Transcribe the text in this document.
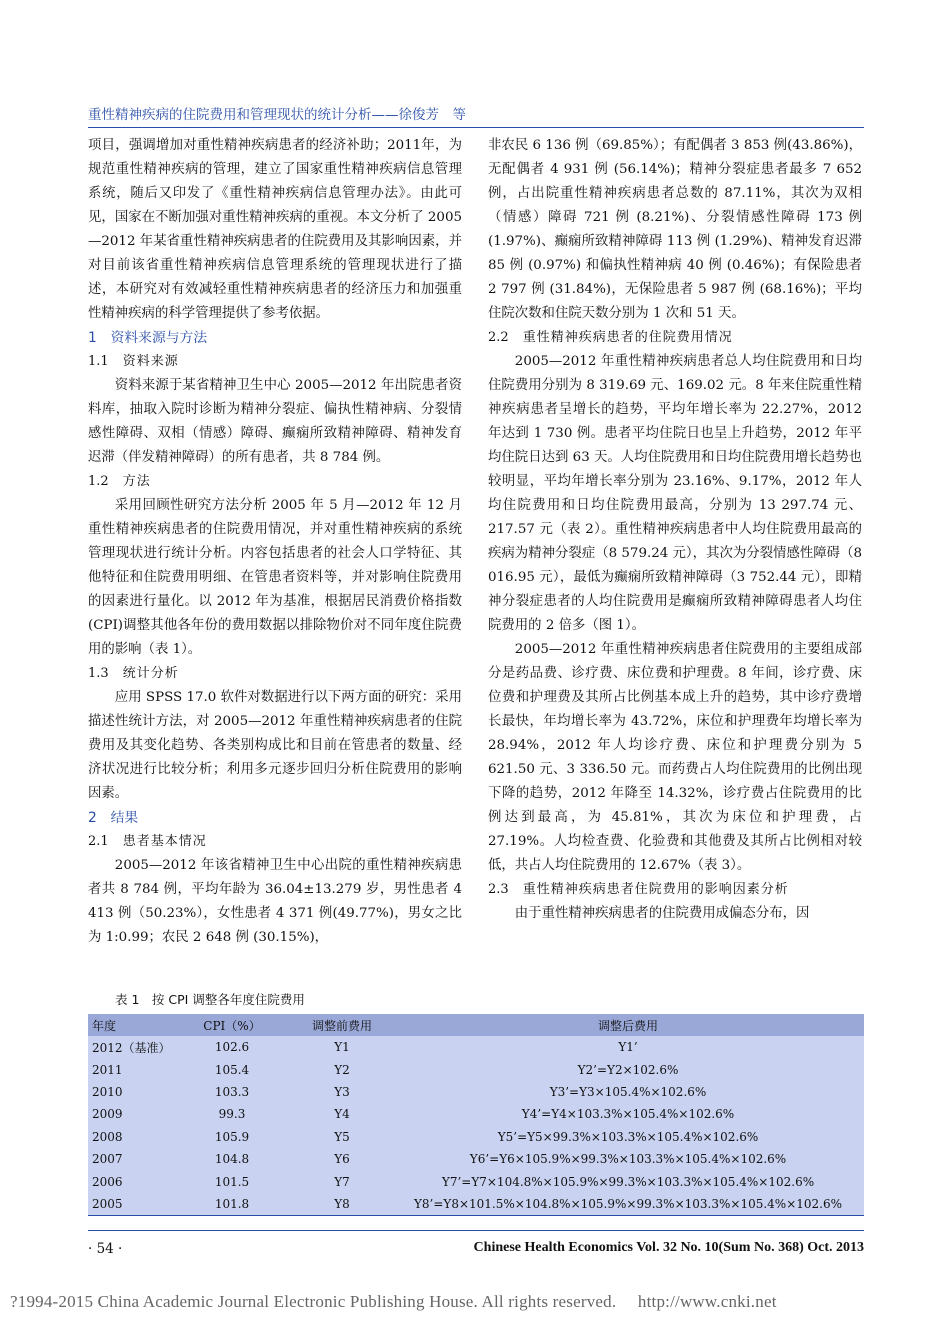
重性精神疾病的住院费用和管理现状的统计分析——徐俊芳　等

项目，强调增加对重性精神疾病患者的经济补助；2011年，为规范重性精神疾病的管理，建立了国家重性精神疾病信息管理系统，随后又印发了《重性精神疾病信息管理办法》。由此可见，国家在不断加强对重性精神疾病的重视。本文分析了 2005—2012 年某省重性精神疾病患者的住院费用及其影响因素，并对目前该省重性精神疾病信息管理系统的管理现状进行了描述，本研究对有效减轻重性精神疾病患者的经济压力和加强重性精神疾病的科学管理提供了参考依据。

1　资料来源与方法
1.1 资料来源

资料来源于某省精神卫生中心 2005—2012 年出院患者资料库，抽取入院时诊断为精神分裂症、偏执性精神病、分裂情感性障碍、双相（情感）障碍、癫痫所致精神障碍、精神发育迟滞（伴发精神障碍）的所有患者，共 8 784 例。

1.2 方法

采用回顾性研究方法分析 2005 年 5 月—2012 年 12 月重性精神疾病患者的住院费用情况，并对重性精神疾病的系统管理现状进行统计分析。内容包括患者的社会人口学特征、其他特征和住院费用明细、在管患者资料等，并对影响住院费用的因素进行量化。以 2012 年为基准，根据居民消费价格指数(CPI)调整其他各年份的费用数据以排除物价对不同年度住院费用的影响（表 1）。

1.3 统计分析

应用 SPSS 17.0 软件对数据进行以下两方面的研究：采用描述性统计方法，对 2005—2012 年重性精神疾病患者的住院费用及其变化趋势、各类别构成比和目前在管患者的数量、经济状况进行比较分析；利用多元逐步回归分析住院费用的影响因素。

2　结果
2.1 患者基本情况

2005—2012 年该省精神卫生中心出院的重性精神疾病患者共 8 784 例，平均年龄为 36.04±13.279 岁，男性患者 4 413 例（50.23%），女性患者 4 371 例(49.77%)，男女之比为 1:0.99；农民 2 648 例 (30.15%)，

非农民 6 136 例（69.85%）；有配偶者 3 853 例(43.86%)，无配偶者 4 931 例 (56.14%)；精神分裂症患者最多 7 652 例，占出院重性精神疾病患者总数的 87.11%，其次为双相（情感）障碍 721 例 (8.21%)、分裂情感性障碍 173 例 (1.97%)、癫痫所致精神障碍 113 例 (1.29%)、精神发育迟滞 85 例 (0.97%) 和偏执性精神病 40 例 (0.46%)；有保险患者 2 797 例 (31.84%)，无保险患者 5 987 例 (68.16%)；平均住院次数和住院天数分别为 1 次和 51 天。

2.2 重性精神疾病患者的住院费用情况

2005—2012 年重性精神疾病患者总人均住院费用和日均住院费用分别为 8 319.69 元、169.02 元。8 年来住院重性精神疾病患者呈增长的趋势，平均年增长率为 22.27%，2012 年达到 1 730 例。患者平均住院日也呈上升趋势，2012 年平均住院日达到 63 天。人均住院费用和日均住院费用增长趋势也较明显，平均年增长率分别为 23.16%、9.17%，2012 年人均住院费用和日均住院费用最高，分别为 13 297.74 元、217.57 元（表 2）。重性精神疾病患者中人均住院费用最高的疾病为精神分裂症（8 579.24 元），其次为分裂情感性障碍（8 016.95 元），最低为癫痫所致精神障碍（3 752.44 元），即精神分裂症患者的人均住院费用是癫痫所致精神障碍患者人均住院费用的 2 倍多（图 1）。

2005—2012 年重性精神疾病患者住院费用的主要组成部分是药品费、诊疗费、床位费和护理费。8 年间，诊疗费、床位费和护理费及其所占比例基本成上升的趋势，其中诊疗费增长最快，年均增长率为 43.72%，床位和护理费年均增长率为 28.94%，2012 年人均诊疗费、床位和护理费分别为 5 621.50 元、3 336.50 元。而药费占人均住院费用的比例出现下降的趋势，2012 年降至 14.32%，诊疗费占住院费用的比例达到最高，为 45.81%，其次为床位和护理费，占 27.19%。人均检查费、化验费和其他费及其所占比例相对较低，共占人均住院费用的 12.67%（表 3）。

2.3 重性精神疾病患者住院费用的影响因素分析

由于重性精神疾病患者的住院费用成偏态分布，因

表 1　按 CPI 调整各年度住院费用
年度	CPI（%）	调整前费用	调整后费用
2012（基准）	102.6	Y1	Y1’
2011	105.4	Y2	Y2’=Y2×102.6%
2010	103.3	Y3	Y3’=Y3×105.4%×102.6%
2009	99.3	Y4	Y4’=Y4×103.3%×105.4%×102.6%
2008	105.9	Y5	Y5’=Y5×99.3%×103.3%×105.4%×102.6%
2007	104.8	Y6	Y6’=Y6×105.9%×99.3%×103.3%×105.4%×102.6%
2006	101.5	Y7	Y7’=Y7×104.8%×105.9%×99.3%×103.3%×105.4%×102.6%
2005	101.8	Y8	Y8’=Y8×101.5%×104.8%×105.9%×99.3%×103.3%×105.4%×102.6%
· 54 ·	Chinese Health Economics Vol. 32 No. 10(Sum No. 368) Oct. 2013
?1994-2015 China Academic Journal Electronic Publishing House. All rights reserved.　 http://www.cnki.net
